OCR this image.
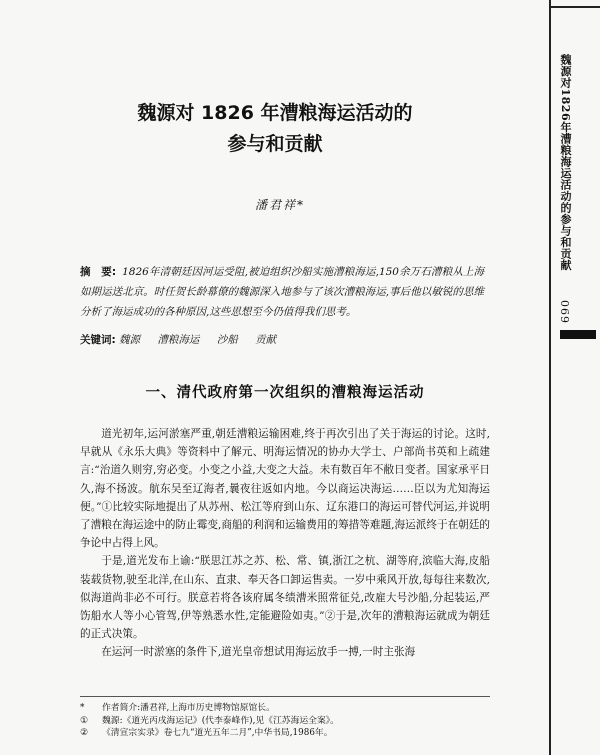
魏源对1826年漕粮海运活动的参与和贡献
069
魏源对 1826 年漕粮海运活动的
参与和贡献
潘君祥*
摘　要: 1826年清朝廷因河运受阻,被迫组织沙船实施漕粮海运,150余万石漕粮从上海如期运送北京。时任贺长龄幕僚的魏源深入地参与了该次漕粮海运,事后他以敏锐的思维分析了海运成功的各种原因,这些思想至今仍值得我们思考。
关键词: 魏源 漕粮海运 沙船 贡献
一、清代政府第一次组织的漕粮海运活动

道光初年,运河淤塞严重,朝廷漕粮运输困难,终于再次引出了关于海运的讨论。这时,早就从《永乐大典》等资料中了解元、明海运情况的协办大学士、户部尚书英和上疏建言:“治道久则穷,穷必变。小变之小益,大变之大益。未有数百年不敝日变者。国家承平日久,海不扬波。航东吴至辽海者,曩夜往返如内地。今以商运决海运……臣以为尤知海运便。”①比较实际地提出了从苏州、松江等府到山东、辽东港口的海运可替代河运,并说明了漕粮在海运途中的防止霉变,商船的利润和运输费用的筹措等难题,海运派终于在朝廷的争论中占得上风。

于是,道光发布上谕:“朕思江苏之苏、松、常、镇,浙江之杭、湖等府,滨临大海,皮船装载货物,驶至北洋,在山东、直隶、奉天各口卸运售卖。一岁中乘风开放,每每往来数次,似海道尚非必不可行。朕意若将各该府属冬绩漕米照常征兑,改雇大号沙船,分起装运,严饬船水人等小心管驾,伊等熟悉水性,定能避险如夷。”②于是,次年的漕粮海运就成为朝廷的正式决策。

在运河一时淤塞的条件下,道光皇帝想试用海运放手一搏,一时主张海

* 作者简介:潘君祥,上海市历史博物馆原馆长。
① 魏源:《道光丙戌海运记》(代李泰峰作),见《江苏海运全案》。
② 《清宣宗实录》卷七九“道光五年二月”,中华书局,1986年。
